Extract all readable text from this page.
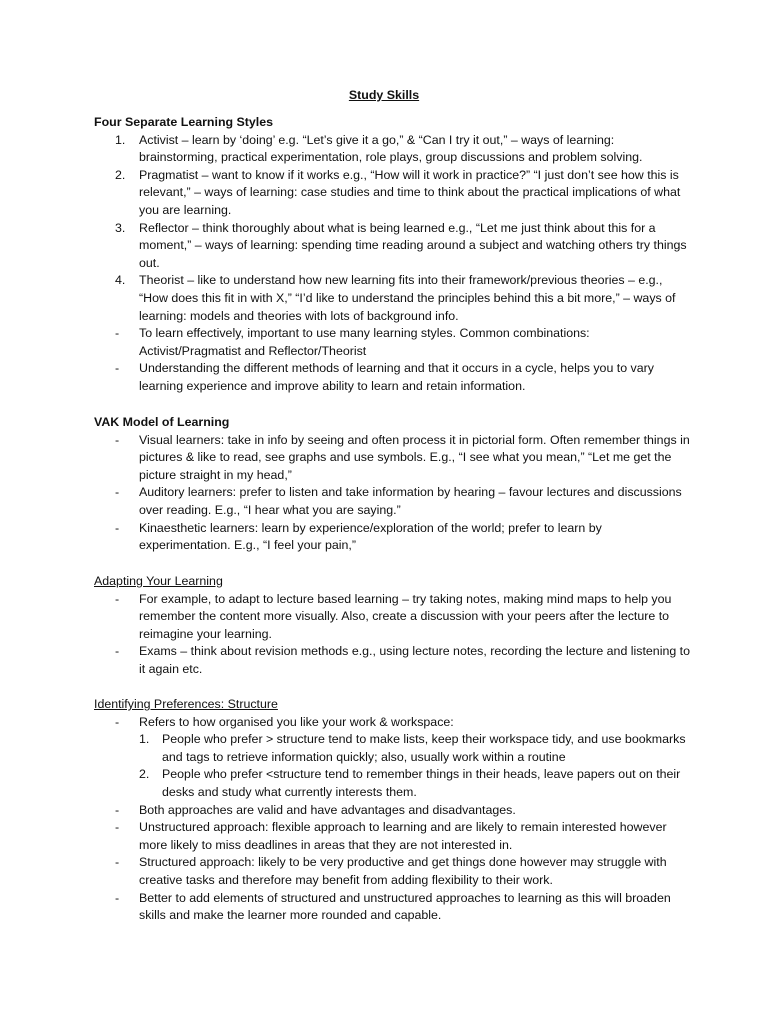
Study Skills
Four Separate Learning Styles
1. Activist – learn by ‘doing’ e.g. “Let’s give it a go,” & “Can I try it out,” – ways of learning: brainstorming, practical experimentation, role plays, group discussions and problem solving.
2. Pragmatist – want to know if it works e.g., “How will it work in practice?” “I just don’t see how this is relevant,” – ways of learning: case studies and time to think about the practical implications of what you are learning.
3. Reflector – think thoroughly about what is being learned e.g., “Let me just think about this for a moment,” – ways of learning: spending time reading around a subject and watching others try things out.
4. Theorist – like to understand how new learning fits into their framework/previous theories – e.g., “How does this fit in with X,” “I’d like to understand the principles behind this a bit more,” – ways of learning: models and theories with lots of background info.
- To learn effectively, important to use many learning styles. Common combinations: Activist/Pragmatist and Reflector/Theorist
- Understanding the different methods of learning and that it occurs in a cycle, helps you to vary learning experience and improve ability to learn and retain information.
VAK Model of Learning
- Visual learners: take in info by seeing and often process it in pictorial form. Often remember things in pictures & like to read, see graphs and use symbols. E.g., “I see what you mean,” “Let me get the picture straight in my head,”
- Auditory learners: prefer to listen and take information by hearing – favour lectures and discussions over reading. E.g., “I hear what you are saying.”
- Kinaesthetic learners: learn by experience/exploration of the world; prefer to learn by experimentation. E.g., “I feel your pain,”
Adapting Your Learning
- For example, to adapt to lecture based learning – try taking notes, making mind maps to help you remember the content more visually. Also, create a discussion with your peers after the lecture to reimagine your learning.
- Exams – think about revision methods e.g., using lecture notes, recording the lecture and listening to it again etc.
Identifying Preferences: Structure
- Refers to how organised you like your work & workspace:
1. People who prefer > structure tend to make lists, keep their workspace tidy, and use bookmarks and tags to retrieve information quickly; also, usually work within a routine
2. People who prefer <structure tend to remember things in their heads, leave papers out on their desks and study what currently interests them.
- Both approaches are valid and have advantages and disadvantages.
- Unstructured approach: flexible approach to learning and are likely to remain interested however more likely to miss deadlines in areas that they are not interested in.
- Structured approach: likely to be very productive and get things done however may struggle with creative tasks and therefore may benefit from adding flexibility to their work.
- Better to add elements of structured and unstructured approaches to learning as this will broaden skills and make the learner more rounded and capable.
